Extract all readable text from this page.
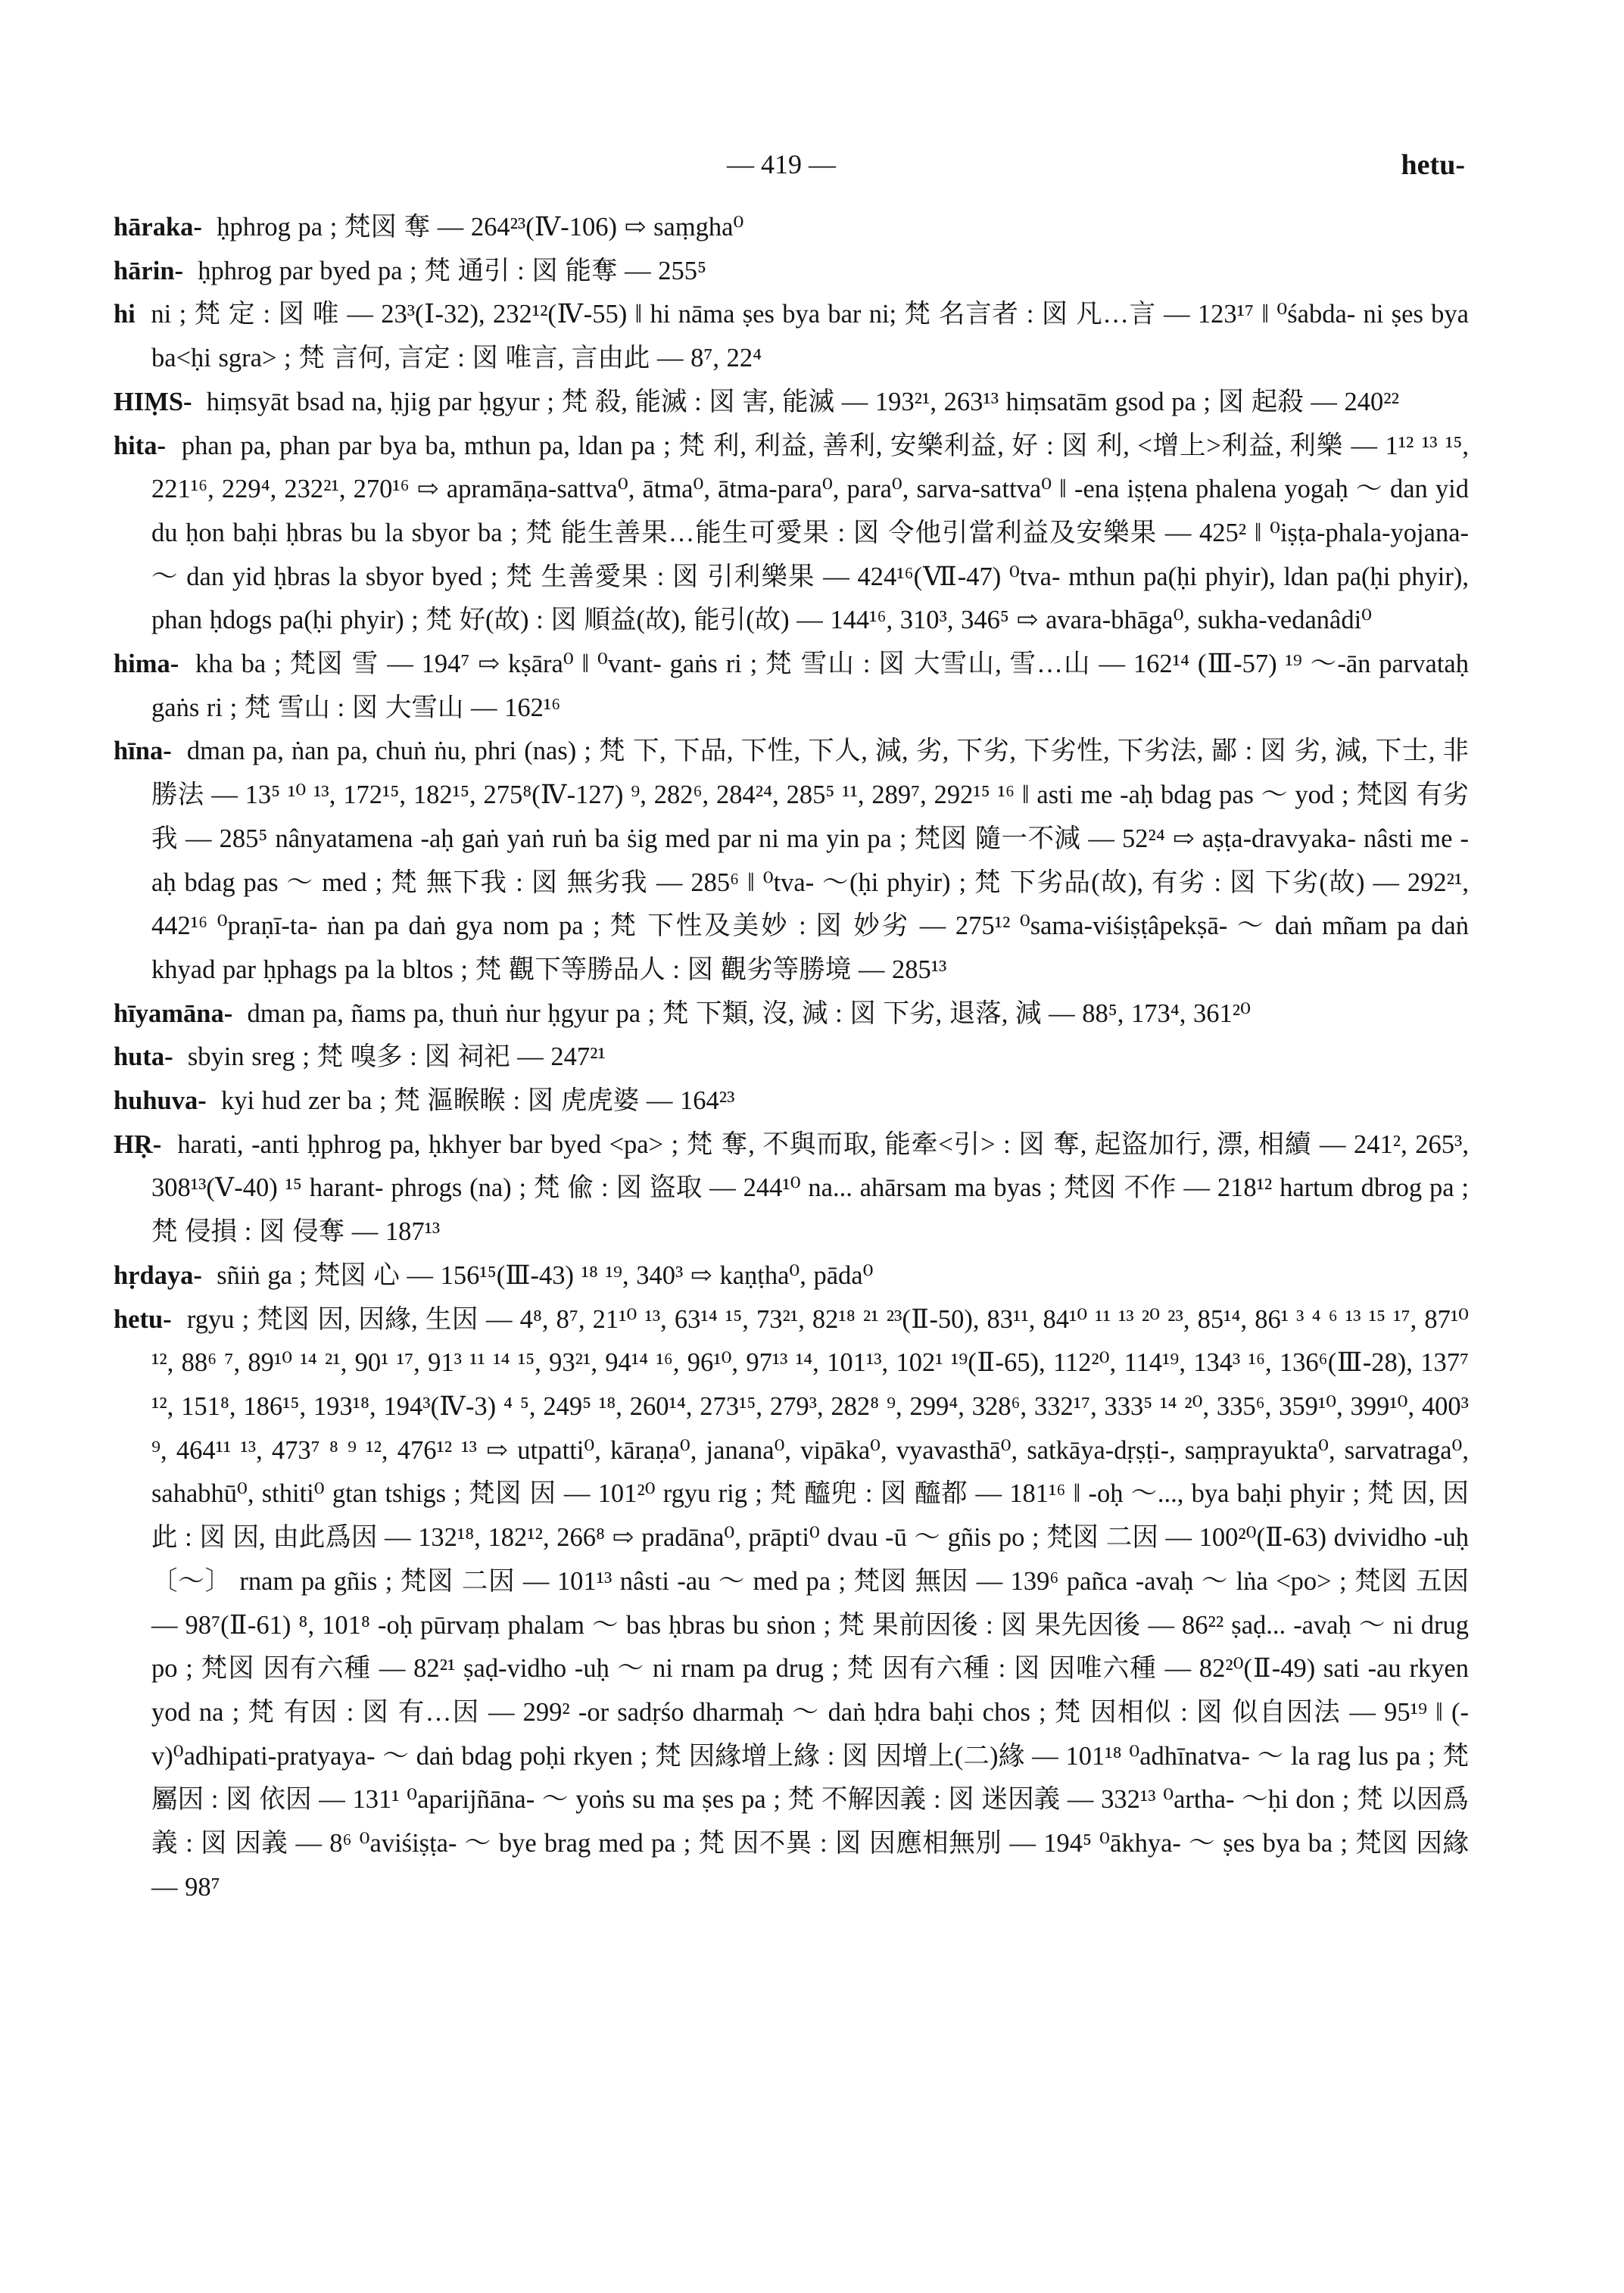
— 419 —	hetu-

hāraka- ḥphrog pa ; 梵図 奪 — 264²³(Ⅳ-106) ⇨ saṃgha⁰

hārin- ḥphrog par byed pa ; 梵 通引 : 図 能奪 — 255⁵

hi ni ; 梵 定 : 図 唯 — 23³(Ⅰ-32), 232¹²(Ⅳ-55) ‖ hi nāma ṣes bya bar ni; 梵 名言者 : 図 凡…言 — 123¹⁷ ‖ ⁰śabda- ni ṣes bya ba<ḥi sgra> ; 梵 言何, 言定 : 図 唯言, 言由此 — 8⁷, 22⁴

HIṂS- hiṃsyāt bsad na, ḥjig par ḥgyur ; 梵 殺, 能滅 : 図 害, 能滅 — 193²¹, 263¹³ hiṃsatām gsod pa ; 図 起殺 — 240²²

hita- phan pa, phan par bya ba, mthun pa, ldan pa ; 梵 利, 利益, 善利, 安樂利益, 好 : 図 利, <增上>利益, 利樂 — 1¹² ¹³ ¹⁵, 221¹⁶, 229⁴, 232²¹, 270¹⁶ ⇨ apramāṇa-sattva⁰, ātma⁰, ātma-para⁰, para⁰, sarva-sattva⁰ ‖ -ena iṣṭena phalena yogaḥ ～ dan yid du ḥon baḥi ḥbras bu la sbyor ba ; 梵 能生善果…能生可愛果 : 図 令他引當利益及安樂果 — 425² ‖ ⁰iṣṭa-phala-yojana- ～ dan yid ḥbras la sbyor byed ; 梵 生善愛果 : 図 引利樂果 — 424¹⁶(Ⅶ-47) ⁰tva- mthun pa(ḥi phyir), ldan pa(ḥi phyir), phan ḥdogs pa(ḥi phyir) ; 梵 好(故) : 図 順益(故), 能引(故) — 144¹⁶, 310³, 346⁵ ⇨ avara-bhāga⁰, sukha-vedanâdi⁰

hima- kha ba ; 梵図 雪 — 194⁷ ⇨ kṣāra⁰ ‖ ⁰vant- gaṅs ri ; 梵 雪山 : 図 大雪山, 雪…山 — 162¹⁴ (Ⅲ-57) ¹⁹ ～-ān parvataḥ gaṅs ri ; 梵 雪山 : 図 大雪山 — 162¹⁶

hīna- dman pa, ṅan pa, chuṅ ṅu, phri (nas) ; 梵 下, 下品, 下性, 下人, 減, 劣, 下劣, 下劣性, 下劣法, 鄙 : 図 劣, 減, 下士, 非勝法 — 13⁵ ¹⁰ ¹³, 172¹⁵, 182¹⁵, 275⁸(Ⅳ-127) ⁹, 282⁶, 284²⁴, 285⁵ ¹¹, 289⁷, 292¹⁵ ¹⁶ ‖ asti me -aḥ bdag pas ～ yod ; 梵図 有劣我 — 285⁵ nânyatamena -aḥ gaṅ yaṅ ruṅ ba ṡig med par ni ma yin pa ; 梵図 隨一不減 — 52²⁴ ⇨ aṣṭa-dravyaka- nâsti me -aḥ bdag pas ～ med ; 梵 無下我 : 図 無劣我 — 285⁶ ‖ ⁰tva- ～(ḥi phyir) ; 梵 下劣品(故), 有劣 : 図 下劣(故) — 292²¹, 442¹⁶ ⁰praṇī-ta- ṅan pa daṅ gya nom pa ; 梵 下性及美妙 : 図 妙劣 — 275¹² ⁰sama-viśiṣṭâpekṣā- ～ daṅ mñam pa daṅ khyad par ḥphags pa la bltos ; 梵 觀下等勝品人 : 図 觀劣等勝境 — 285¹³

hīyamāna- dman pa, ñams pa, thuṅ ṅur ḥgyur pa ; 梵 下類, 沒, 減 : 図 下劣, 退落, 減 — 88⁵, 173⁴, 361²⁰

huta- sbyin sreg ; 梵 嗅多 : 図 祠祀 — 247²¹

huhuva- kyi hud zer ba ; 梵 漚睺睺 : 図 虎虎婆 — 164²³

HṚ- harati, -anti ḥphrog pa, ḥkhyer bar byed <pa> ; 梵 奪, 不與而取, 能牽<引> : 図 奪, 起盜加行, 漂, 相續 — 241², 265³, 308¹³(Ⅴ-40) ¹⁵ harant- phrogs (na) ; 梵 偸 : 図 盜取 — 244¹⁰ na... ahārsam ma byas ; 梵図 不作 — 218¹² hartum dbrog pa ; 梵 侵損 : 図 侵奪 — 187¹³

hṛdaya- sñiṅ ga ; 梵図 心 — 156¹⁵(Ⅲ-43) ¹⁸ ¹⁹, 340³ ⇨ kaṇṭha⁰, pāda⁰

hetu- rgyu ; 梵図 因, 因緣, 生因 — 4⁸, 8⁷, 21¹⁰ ¹³, 63¹⁴ ¹⁵, 73²¹, 82¹⁸ ²¹ ²³(Ⅱ-50), 83¹¹, 84¹⁰ ¹¹ ¹³ ²⁰ ²³, 85¹⁴, 86¹ ³ ⁴ ⁶ ¹³ ¹⁵ ¹⁷, 87¹⁰ ¹², 88⁶ ⁷, 89¹⁰ ¹⁴ ²¹, 90¹ ¹⁷, 91³ ¹¹ ¹⁴ ¹⁵, 93²¹, 94¹⁴ ¹⁶, 96¹⁰, 97¹³ ¹⁴, 101¹³, 102¹ ¹⁹(Ⅱ-65), 112²⁰, 114¹⁹, 134³ ¹⁶, 136⁶(Ⅲ-28), 137⁷ ¹², 151⁸, 186¹⁵, 193¹⁸, 194³(Ⅳ-3) ⁴ ⁵, 249⁵ ¹⁸, 260¹⁴, 273¹⁵, 279³, 282⁸ ⁹, 299⁴, 328⁶, 332¹⁷, 333⁵ ¹⁴ ²⁰, 335⁶, 359¹⁰, 399¹⁰, 400³ ⁹, 464¹¹ ¹³, 473⁷ ⁸ ⁹ ¹², 476¹² ¹³ ⇨ utpatti⁰, kāraṇa⁰, janana⁰, vipāka⁰, vyavasthā⁰, satkāya-dṛṣṭi-, saṃprayukta⁰, sarvatraga⁰, sahabhū⁰, sthiti⁰ gtan tshigs ; 梵図 因 — 101²⁰ rgyu rig ; 梵 醯兜 : 図 醯都 — 181¹⁶ ‖ -oḥ ～..., bya baḥi phyir ; 梵 因, 因此 : 図 因, 由此爲因 — 132¹⁸, 182¹², 266⁸ ⇨ pradāna⁰, prāpti⁰ dvau -ū ～ gñis po ; 梵図 二因 — 100²⁰(Ⅱ-63) dvividho -uḥ 〔～〕 rnam pa gñis ; 梵図 二因 — 101¹³ nâsti -au ～ med pa ; 梵図 無因 — 139⁶ pañca -avaḥ ～ lṅa <po> ; 梵図 五因 — 98⁷(Ⅱ-61) ⁸, 101⁸ -oḥ pūrvaṃ phalam ～ bas ḥbras bu sṅon ; 梵 果前因後 : 図 果先因後 — 86²² ṣaḍ... -avaḥ ～ ni drug po ; 梵図 因有六種 — 82²¹ ṣaḍ-vidho -uḥ ～ ni rnam pa drug ; 梵 因有六種 : 図 因唯六種 — 82²⁰(Ⅱ-49) sati -au rkyen yod na ; 梵 有因 : 図 有…因 — 299² -or sadṛśo dharmaḥ ～ daṅ ḥdra baḥi chos ; 梵 因相似 : 図 似自因法 — 95¹⁹ ‖ (-v)⁰adhipati-pratyaya- ～ daṅ bdag poḥi rkyen ; 梵 因緣增上緣 : 図 因增上(二)緣 — 101¹⁸ ⁰adhīnatva- ～ la rag lus pa ; 梵 屬因 : 図 依因 — 131¹ ⁰aparijñāna- ～ yoṅs su ma ṣes pa ; 梵 不解因義 : 図 迷因義 — 332¹³ ⁰artha- ～ḥi don ; 梵 以因爲義 : 図 因義 — 8⁶ ⁰aviśiṣṭa- ～ bye brag med pa ; 梵 因不異 : 図 因應相無別 — 194⁵ ⁰ākhya- ～ ṣes bya ba ; 梵図 因緣 — 98⁷
